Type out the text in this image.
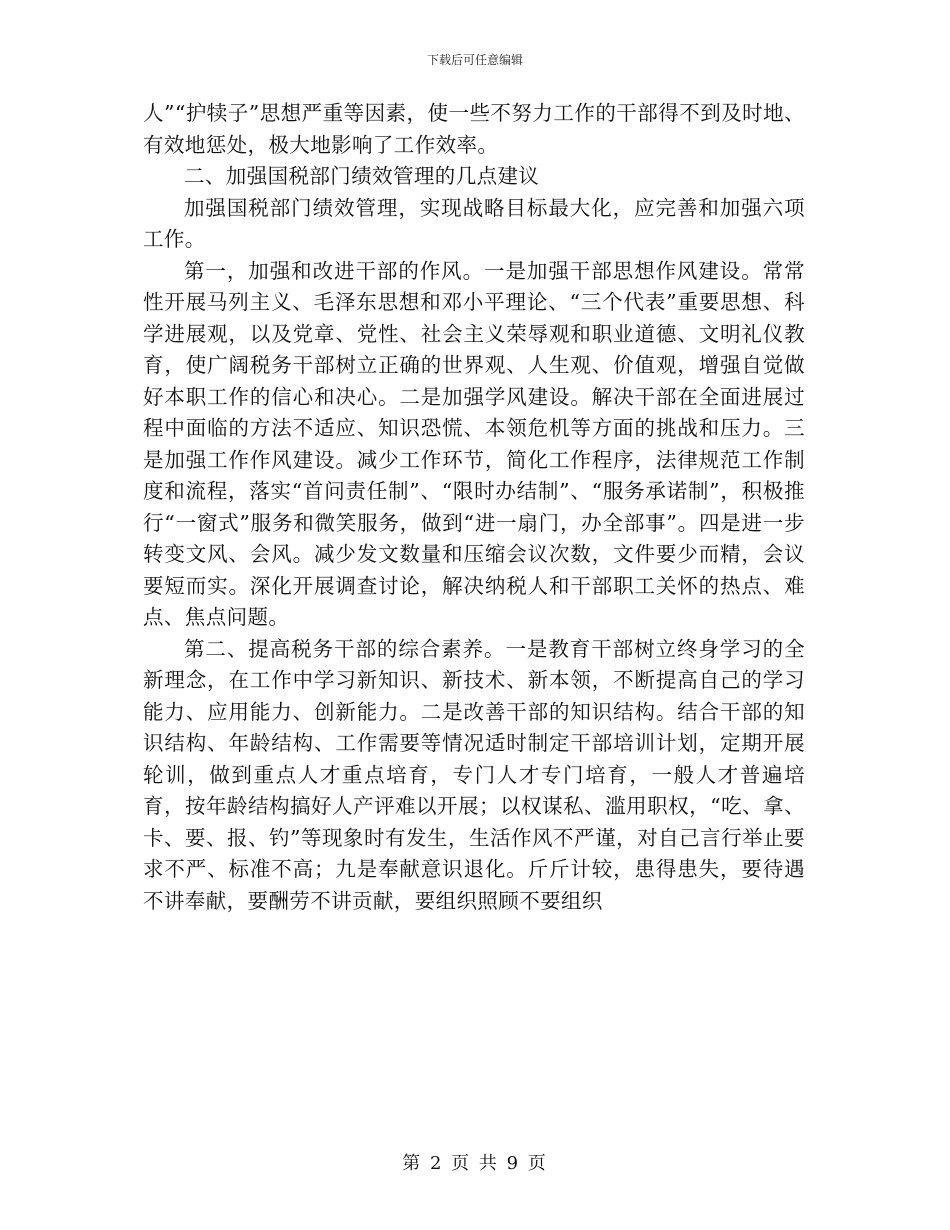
下载后可任意编辑

人”“护犊子”思想严重等因素，使一些不努力工作的干部得不到及时地、有效地惩处，极大地影响了工作效率。

二、加强国税部门绩效管理的几点建议

加强国税部门绩效管理，实现战略目标最大化，应完善和加强六项工作。

第一，加强和改进干部的作风。一是加强干部思想作风建设。常常性开展马列主义、毛泽东思想和邓小平理论、“三个代表”重要思想、科学进展观，以及党章、党性、社会主义荣辱观和职业道德、文明礼仪教育，使广阔税务干部树立正确的世界观、人生观、价值观，增强自觉做好本职工作的信心和决心。二是加强学风建设。解决干部在全面进展过程中面临的方法不适应、知识恐慌、本领危机等方面的挑战和压力。三是加强工作作风建设。减少工作环节，简化工作程序，法律规范工作制度和流程，落实“首问责任制”、“限时办结制”、“服务承诺制”，积极推行“一窗式”服务和微笑服务，做到“进一扇门，办全部事”。四是进一步转变文风、会风。减少发文数量和压缩会议次数，文件要少而精，会议要短而实。深化开展调查讨论，解决纳税人和干部职工关怀的热点、难点、焦点问题。

第二、提高税务干部的综合素养。一是教育干部树立终身学习的全新理念，在工作中学习新知识、新技术、新本领，不断提高自己的学习能力、应用能力、创新能力。二是改善干部的知识结构。结合干部的知识结构、年龄结构、工作需要等情况适时制定干部培训计划，定期开展轮训，做到重点人才重点培育，专门人才专门培育，一般人才普遍培育，按年龄结构搞好人产评难以开展；以权谋私、滥用职权，“吃、拿、卡、要、报、钓”等现象时有发生，生活作风不严谨，对自己言行举止要求不严、标准不高；九是奉献意识退化。斤斤计较，患得患失，要待遇不讲奉献，要酬劳不讲贡献，要组织照顾不要组织

第 2 页 共 9 页
